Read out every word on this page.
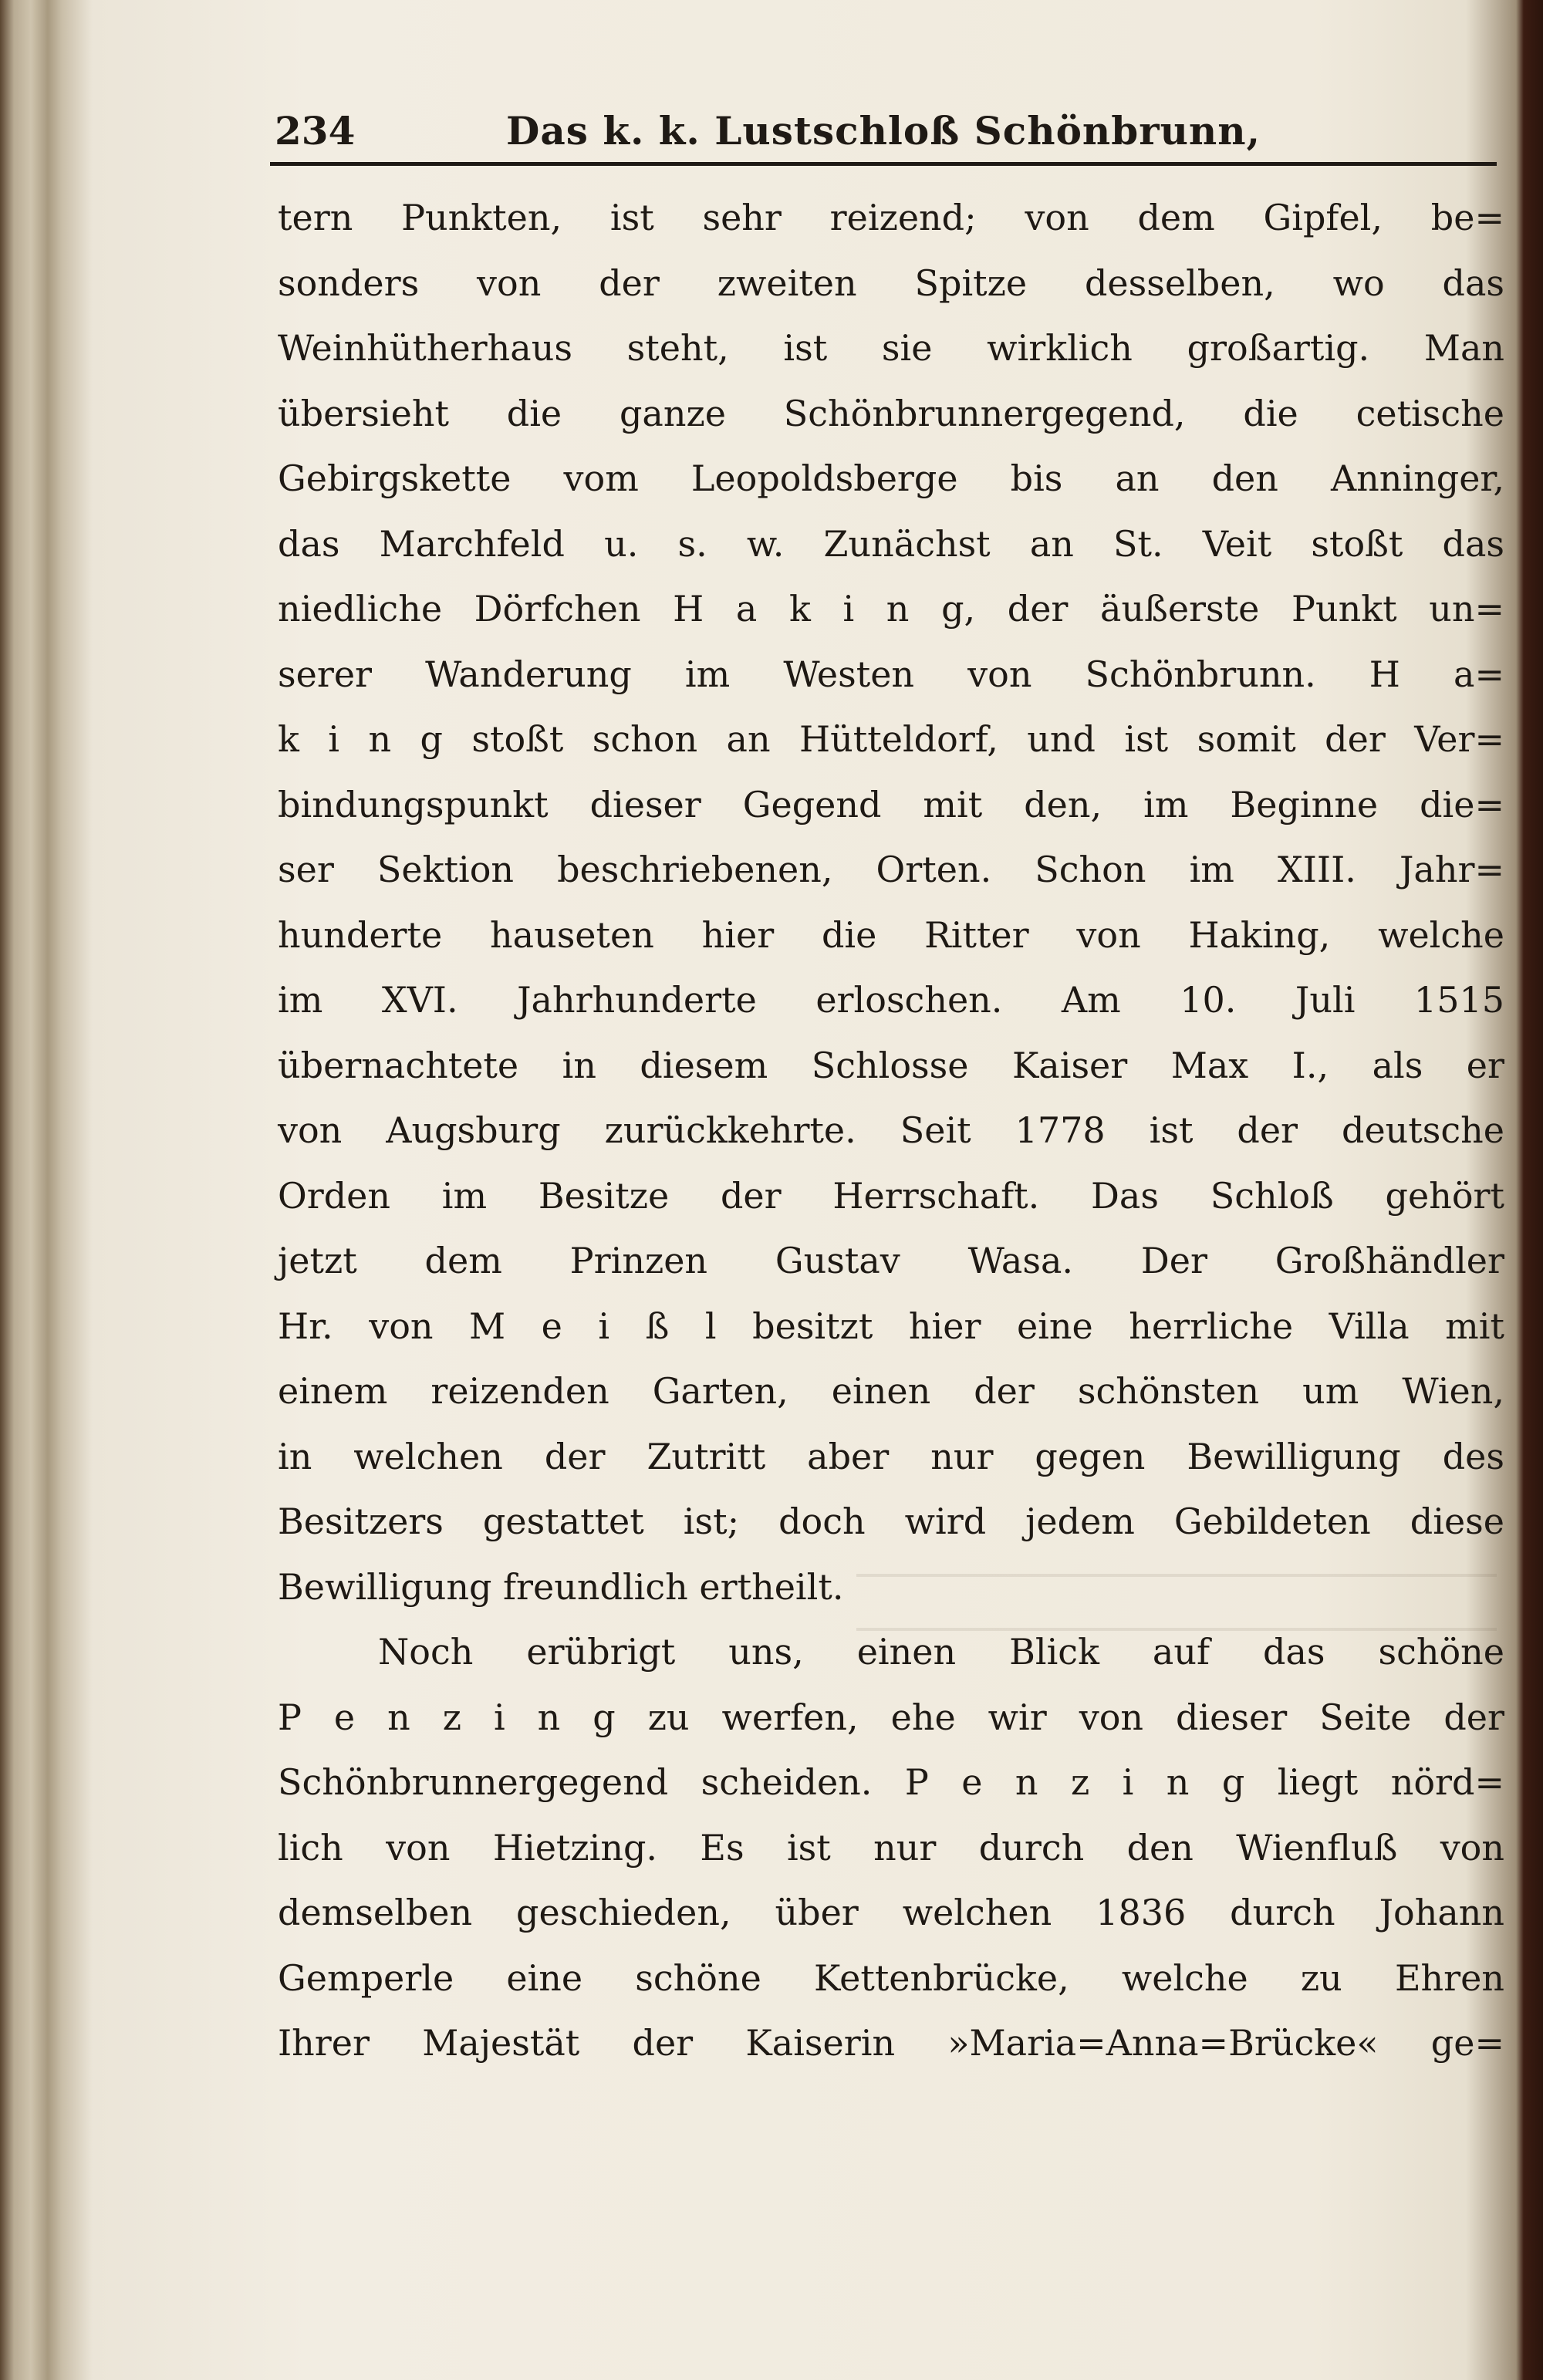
234	Das k. k. Lustschloß Schönbrunn,
tern Punkten, ist sehr reizend; von dem Gipfel, be=
sonders von der zweiten Spitze desselben, wo das
Weinhütherhaus steht, ist sie wirklich großartig. Man
übersieht die ganze Schönbrunnergegend, die cetische
Gebirgskette vom Leopoldsberge bis an den Anninger,
das Marchfeld u. s. w. Zunächst an St. Veit stoßt das
niedliche Dörfchen H a k i n g, der äußerste Punkt un=
serer Wanderung im Westen von Schönbrunn. H a=
k i n g stoßt schon an Hütteldorf, und ist somit der Ver=
bindungspunkt dieser Gegend mit den, im Beginne die=
ser Sektion beschriebenen, Orten. Schon im XIII. Jahr=
hunderte hauseten hier die Ritter von Haking, welche
im XVI. Jahrhunderte erloschen. Am 10. Juli 1515
übernachtete in diesem Schlosse Kaiser Max I., als er
von Augsburg zurückkehrte. Seit 1778 ist der deutsche
Orden im Besitze der Herrschaft. Das Schloß gehört
jetzt dem Prinzen Gustav Wasa. Der Großhändler
Hr. von M e i ß l besitzt hier eine herrliche Villa mit
einem reizenden Garten, einen der schönsten um Wien,
in welchen der Zutritt aber nur gegen Bewilligung des
Besitzers gestattet ist; doch wird jedem Gebildeten diese
Bewilligung freundlich ertheilt.
Noch erübrigt uns, einen Blick auf das schöne
P e n z i n g zu werfen, ehe wir von dieser Seite der
Schönbrunnergegend scheiden. P e n z i n g liegt nörd=
lich von Hietzing. Es ist nur durch den Wienfluß von
demselben geschieden, über welchen 1836 durch Johann
Gemperle eine schöne Kettenbrücke, welche zu Ehren
Ihrer Majestät der Kaiserin »Maria=Anna=Brücke« ge=
